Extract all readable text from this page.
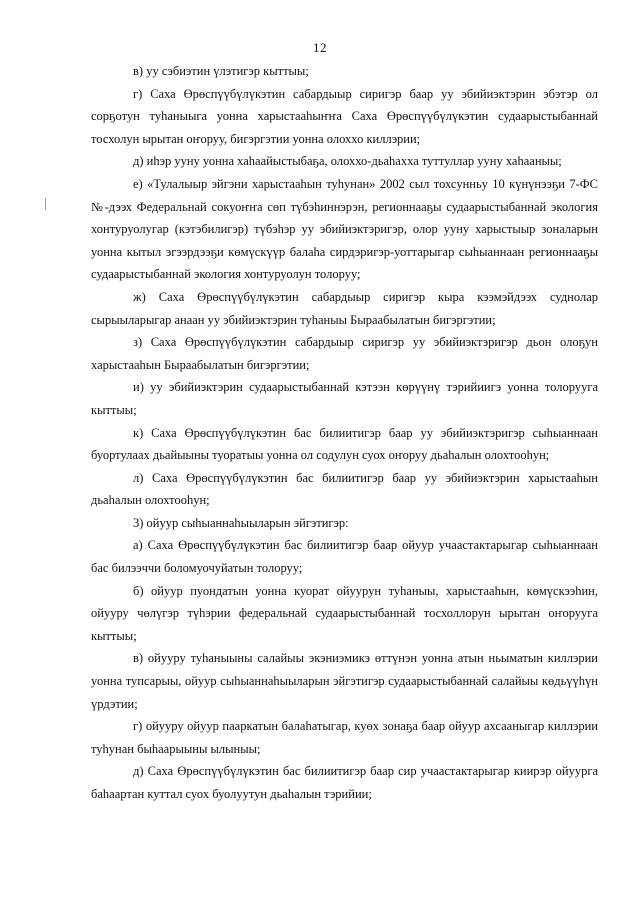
12

в) уу сэбиэтин үлэтигэр кыттыы;

г) Саха Өрөспүүбүлүкэтин сабардыыр сиригэр баар уу эбийиэктэрин эбэтэр ол сорҕотун туһаныыга уонна харыстааһыҥҥа Саха Өрөспүүбүлүкэтин судаарыстыбаннай тосхолун ырытан оҥоруу, бигэргэтии уонна олоххо киллэрии;

д) иһэр ууну уонна хаһаайыстыбаҕа, олоххо-дьаһахха туттуллар ууну хаһааныы;

е) «Тулалыыр эйгэни харыстааһын туһунан» 2002 сыл тохсунньу 10 күнүнээҕи 7-ФС №-дээх Федеральнай сокуоҥҥа сөп түбэһиннэрэн, регионнааҕы судаарыстыбаннай экология хонтуруолугар (кэтэбилигэр) түбэһэр уу эбийиэктэригэр, олор ууну харыстыыр зоналарын уонна кытыл эгээрдээҕи көмүскүүр балаһа сирдэригэр-уоттарыгар сыһыаннаан регионнааҕы судаарыстыбаннай экология хонтуруолун толоруу;

ж) Саха Өрөспүүбүлүкэтин сабардыыр сиригэр кыра кээмэйдээх суднолар сырыыларыгар анаан уу эбийиэктэрин туһаныы Быраабылатын бигэргэтии;

з) Саха Өрөспүүбүлүкэтин сабардыыр сиригэр уу эбийиэктэригэр дьон олоҕун харыстааһын Быраабылатын бигэргэтии;

и) уу эбийиэктэрин судаарыстыбаннай кэтээн көрүүнү тэрийиигэ уонна толорууга кыттыы;

к) Саха Өрөспүүбүлүкэтин бас билиитигэр баар уу эбийиэктэригэр сыһыаннаан буортулаах дьайыыны туоратыы уонна ол содулун суох оҥоруу дьаһалын олохтооһун;

л) Саха Өрөспүүбүлүкэтин бас билиитигэр баар уу эбийиэктэрин харыстааһын дьаһалын олохтооһун;

3) ойуур сыһыаннаһыыларын эйгэтигэр:

а) Саха Өрөспүүбүлүкэтин бас билиитигэр баар ойуур учаастактарыгар сыһыаннаан бас билээччи боломуочуйатын толоруу;

б) ойуур пуондатын уонна куорат ойуурун туһаныы, харыстааһын, көмүскээһин, ойууру чөлүгэр түһэрии федеральнай судаарыстыбаннай тосхоллорун ырытан оҥорууга кыттыы;

в) ойууру туһаныыны салайыы экэниэмикэ өттүнэн уонна атын ньыматын киллэрии уонна тупсарыы, ойуур сыһыаннаһыыларын эйгэтигэр судаарыстыбаннай салайыы көдьүүһүн үрдэтии;

г) ойууру ойуур пааркатын балаһатыгар, куөх зонаҕа баар ойуур ахсааныгар киллэрии туһунан быһаарыыны ылыныы;

д) Саха Өрөспүүбүлүкэтин бас билиитигэр баар сир учаастактарыгар киирэр ойуурга баһаартан куттал суох буолуутун дьаһалын тэрийии;
